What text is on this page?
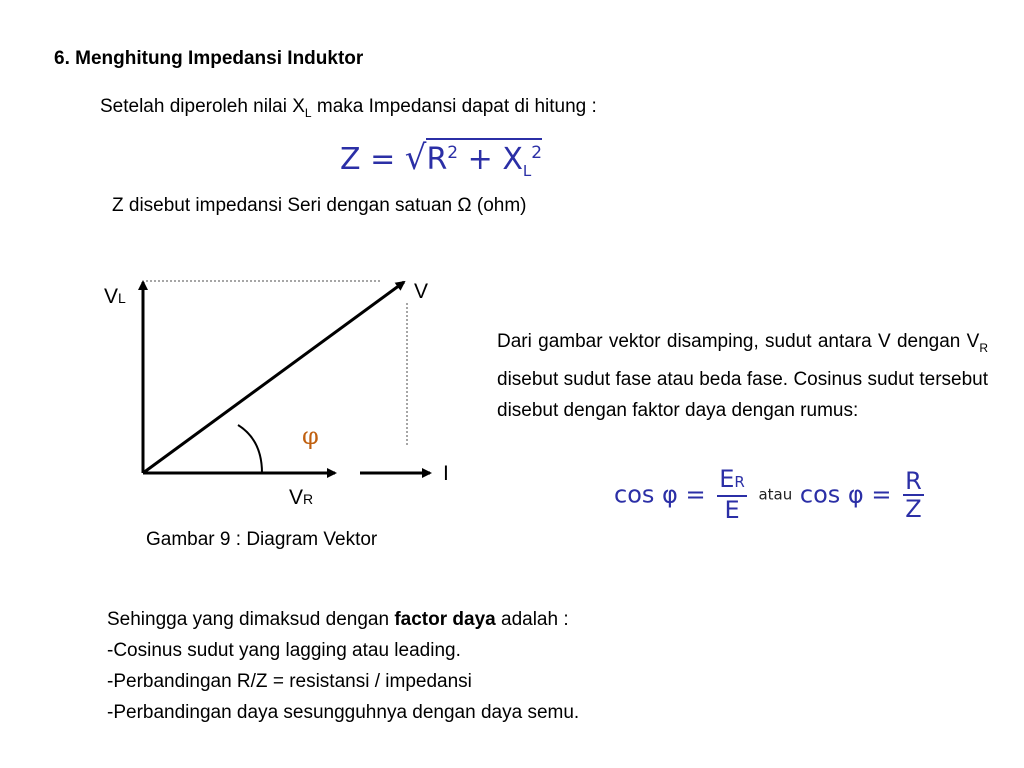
6. Menghitung Impedansi Induktor
Setelah diperoleh nilai $X_L$ maka Impedansi dapat di hitung :
$Z = √R^2 + X_L^2$
Z disebut impedansi Seri dengan satuan Ω (ohm)
VL	V
φ
I
VR
Gambar 9 : Diagram Vektor
Dari gambar vektor disamping, sudut antara V dengan $V_R$ disebut sudut fase atau beda fase. Cosinus sudut tersebut disebut dengan faktor daya dengan rumus:
$\cos \varphi = \frac{ER}{E}$ atau $\cos \varphi = \frac{R}{Z}$
Sehingga yang dimaksud dengan factor daya adalah :
-Cosinus sudut yang lagging atau leading.
-Perbandingan R/Z = resistansi / impedansi
-Perbandingan daya sesungguhnya dengan daya semu.
